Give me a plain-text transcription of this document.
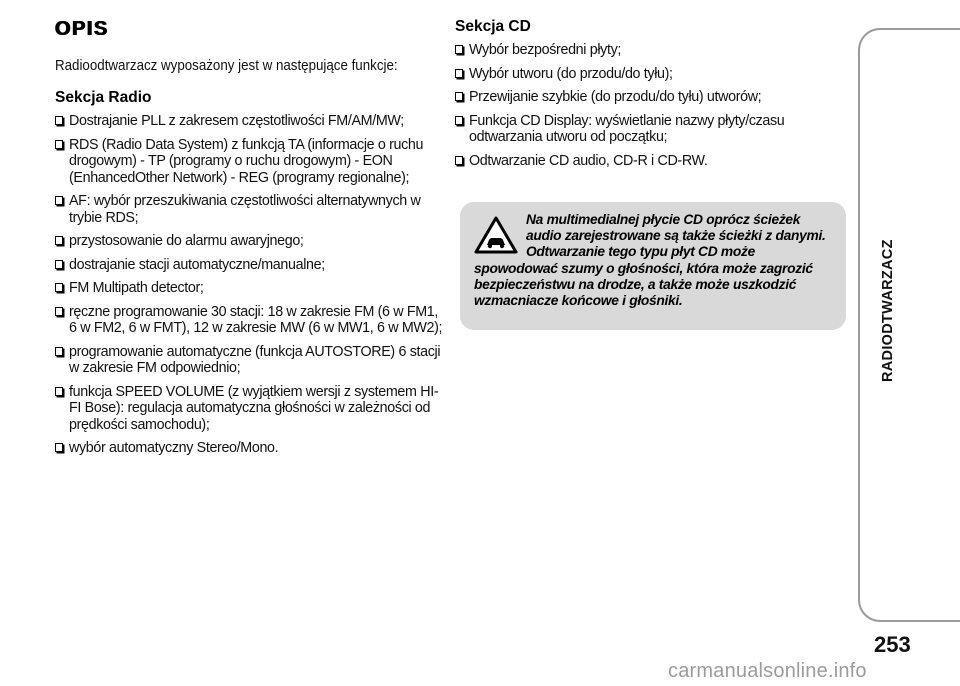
OPIS
Radioodtwarzacz wyposażony jest w następujące funkcje:
Sekcja Radio
Dostrajanie PLL z zakresem częstotliwości FM/AM/MW;
RDS (Radio Data System) z funkcją TA (informacje o ruchu drogowym) - TP (programy o ruchu drogowym) - EON (EnhancedOther Network) - REG (programy regionalne);
AF: wybór przeszukiwania częstotliwości alternatywnych w trybie RDS;
przystosowanie do alarmu awaryjnego;
dostrajanie stacji automatyczne/manualne;
FM Multipath detector;
ręczne programowanie 30 stacji: 18 w zakresie FM (6 w FM1, 6 w FM2, 6 w FMT), 12 w zakresie MW (6 w MW1, 6 w MW2);
programowanie automatyczne (funkcja AUTOSTORE) 6 stacji w zakresie FM odpowiednio;
funkcja SPEED VOLUME (z wyjątkiem wersji z systemem HI-FI Bose): regulacja automatyczna głośności w zależności od prędkości samochodu);
wybór automatyczny Stereo/Mono.
Sekcja CD
Wybór bezpośredni płyty;
Wybór utworu (do przodu/do tyłu);
Przewijanie szybkie (do przodu/do tyłu) utworów;
Funkcja CD Display: wyświetlanie nazwy płyty/czasu odtwarzania utworu od początku;
Odtwarzanie CD audio, CD-R i CD-RW.
Na multimedialnej płycie CD oprócz ścieżek audio zarejestrowane są także ścieżki z danymi. Odtwarzanie tego typu płyt CD może spowodować szumy o głośności, która może zagrozić bezpieczeństwu na drodze, a także może uszkodzić wzmacniacze końcowe i głośniki.	RADIODTWARZACZ
253
carmanualsonline.info
